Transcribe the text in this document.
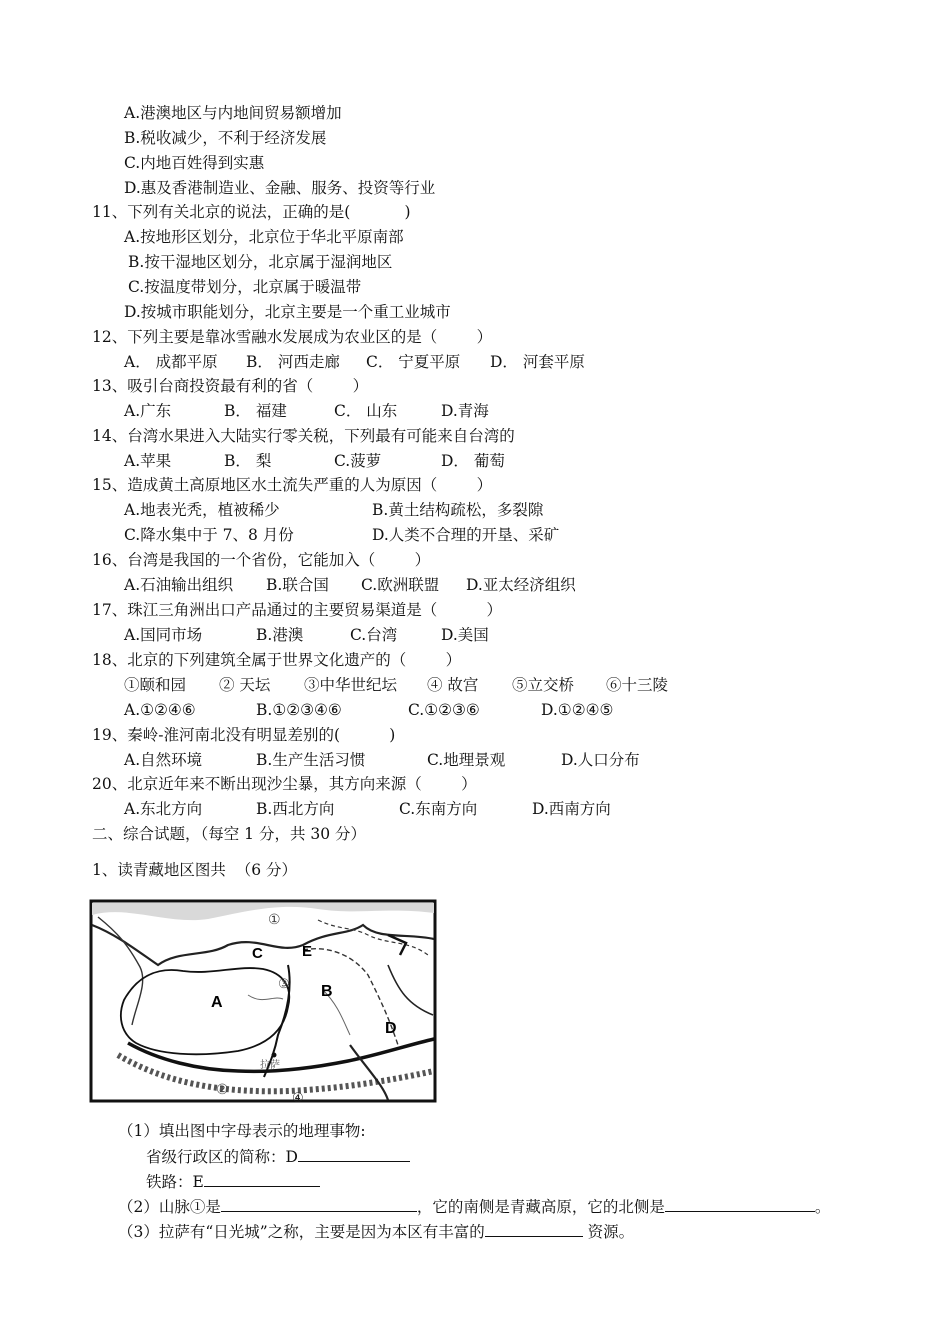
A.港澳地区与内地间贸易额增加
B.税收减少，不利于经济发展
C.内地百姓得到实惠
D.惠及香港制造业、金融、服务、投资等行业
11、下列有关北京的说法，正确的是(           )
A.按地形区划分，北京位于华北平原南部
B.按干湿地区划分，北京属于湿润地区
C.按温度带划分，北京属于暖温带
D.按城市职能划分，北京主要是一个重工业城市
12、下列主要是靠冰雪融水发展成为农业区的是（        ）
A． 成都平原 B． 河西走廊 C． 宁夏平原 D． 河套平原
13、吸引台商投资最有利的省（        ）
A.广东	B． 福建	C． 山东	D.青海
14、台湾水果进入大陆实行零关税，下列最有可能来自台湾的
A.苹果	B． 梨	C.菠萝	D． 葡萄
15、造成黄土高原地区水土流失严重的人为原因（        ）
A.地表光秃，植被稀少	B.黄土结构疏松，多裂隙
C.降水集中于 7、8 月份	D.人类不合理的开垦、采矿
16、台湾是我国的一个省份，它能加入（        ）
A.石油输出组织 B.联合国 C.欧洲联盟 D.亚太经济组织
17、珠江三角洲出口产品通过的主要贸易渠道是（          ）
A.国同市场	B.港澳	C.台湾	D.美国
18、北京的下列建筑全属于世界文化遗产的（        ）
①颐和园 ② 天坛 ③中华世纪坛 ④ 故宫 ⑤立交桥 ⑥十三陵
A.①②④⑥	B.①②③④⑥	C.①②③⑥	D.①②④⑤
19、秦岭-淮河南北没有明显差别的(          )
A.自然环境	B.生产生活习惯	C.地理景观	D.人口分布
20、北京近年来不断出现沙尘暴，其方向来源（        ）
A.东北方向	B.西北方向	C.东南方向	D.西南方向
二、综合试题，（每空 1 分，共 30 分）
1、读青藏地区图共  （6 分）
A
B
C
D
E
①
②
③
④
拉萨
（1）填出图中字母表示的地理事物:
省级行政区的简称：D
铁路：E
（2）山脉①是	，它的南侧是青藏高原，它的北侧是	。
（3）拉萨有“日光城”之称，主要是因为本区有丰富的	资源。
